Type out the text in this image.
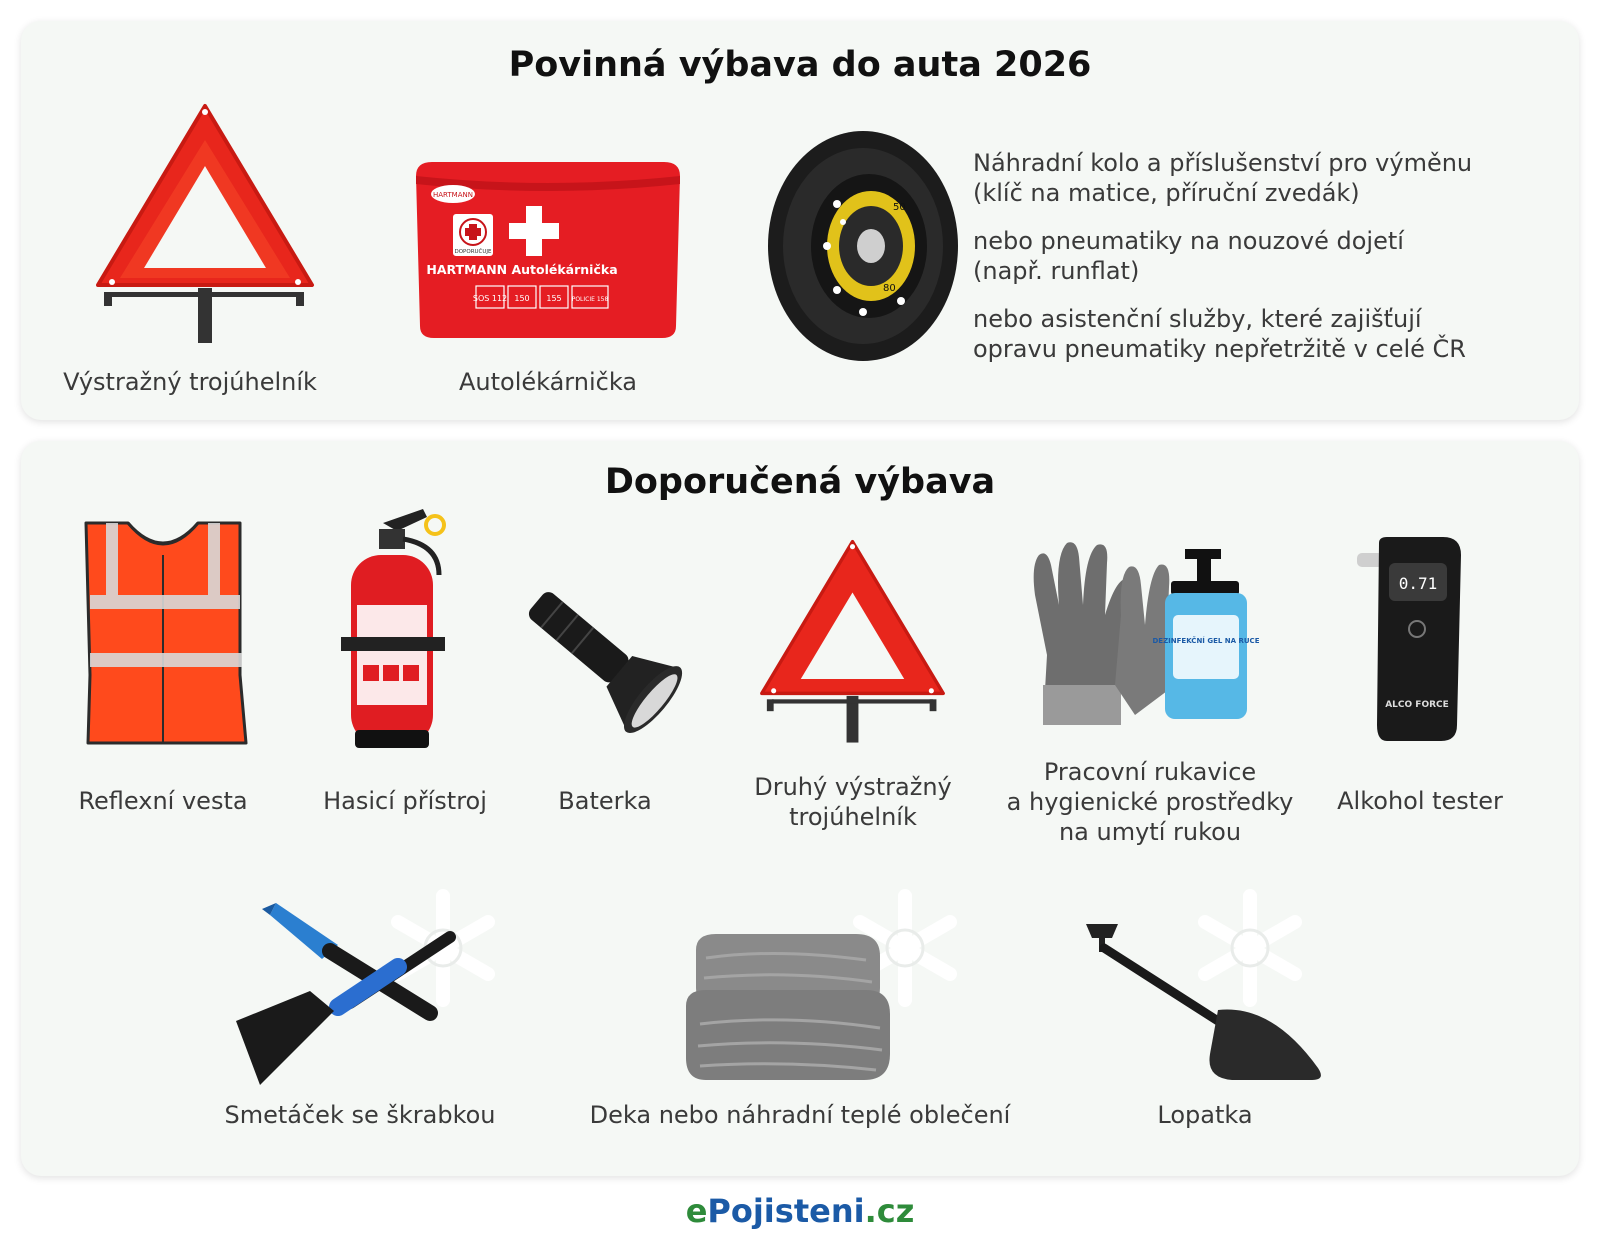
Povinná výbava do auta 2026
Výstražný trojúhelník
HARTMANN
DOPORUČUJE
HARTMANN Autolékárnička
SOS 112 150 155 POLICIE 158
Autolékárnička
50
80
Náhradní kolo a příslušenství pro výměnu
(klíč na matice, příruční zvedák)
nebo pneumatiky na nouzové dojetí
(např. runflat)
nebo asistenční služby, které zajišťují
opravu pneumatiky nepřetržitě v celé ČR
Doporučená výbava
Reflexní vesta	Hasicí přístroj	Baterka	Druhý výstražný
trojúhelník
DEZINFEKČNÍ GEL NA RUCE
Pracovní rukavice
a hygienické prostředky
na umytí rukou
0.71
ALCO FORCE
Alkohol tester
Smetáček se škrabkou	Deka nebo náhradní teplé oblečení	Lopatka
ePojisteni.cz
